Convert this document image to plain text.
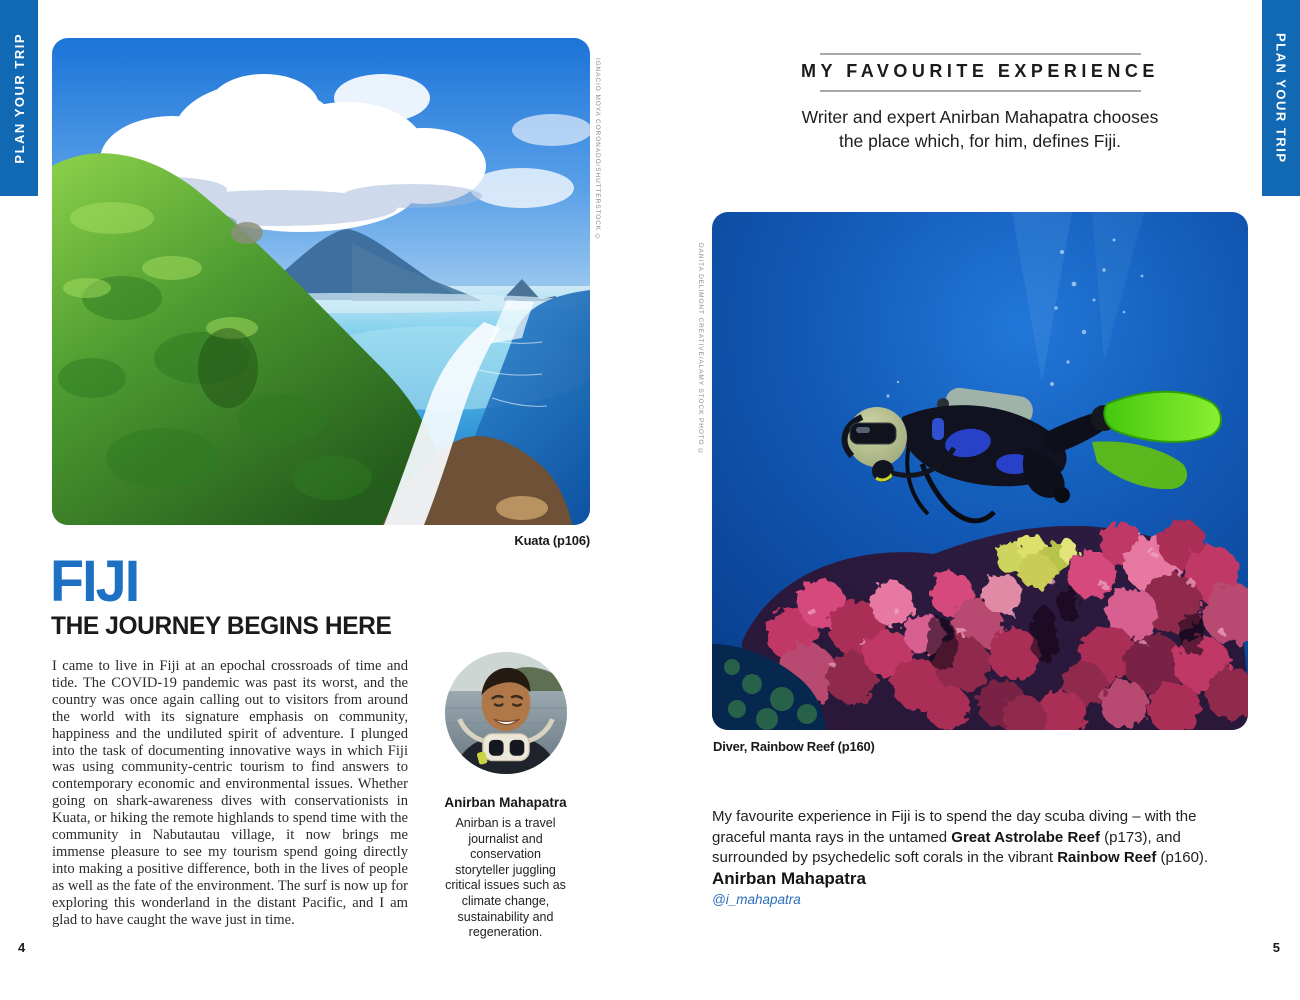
PLAN YOUR TRIP	IGNACIO MOYA CORONADO/SHUTTERSTOCK ©
Kuata (p106)
FIJI
THE JOURNEY BEGINS HERE
I came to live in Fiji at an epochal crossroads of time and tide. The COVID-19 pandemic was past its worst, and the country was once again calling out to visitors from around the world with its signature emphasis on community, happiness and the undiluted spirit of adventure. I plunged into the task of documenting innovative ways in which Fiji was using community-centric tourism to find answers to contemporary economic and environmental issues. Whether going on shark-awareness dives with conservationists in Kuata, or hiking the remote highlands to spend time with the community in Nabutautau village, it now brings me immense pleasure to see my tourism spend going directly into making a positive difference, both in the lives of people as well as the fate of the environment. The surf is now up for exploring this wonderland in the distant Pacific, and I am glad to have caught the wave just in time.
Anirban Mahapatra
Anirban is a travel journalist and conservation storyteller juggling critical issues such as climate change, sustainability and regeneration.
4
MY FAVOURITE EXPERIENCE
Writer and expert Anirban Mahapatra chooses
the place which, for him, defines Fiji.	PLAN YOUR TRIP
DANITA DELIMONT CREATIVE/ALAMY STOCK PHOTO ©
Diver, Rainbow Reef (p160)
My favourite experience in Fiji is to spend the day scuba diving – with the graceful manta rays in the untamed Great Astrolabe Reef (p173), and surrounded by psychedelic soft corals in the vibrant Rainbow Reef (p160).
Anirban Mahapatra
@i_mahapatra
5
